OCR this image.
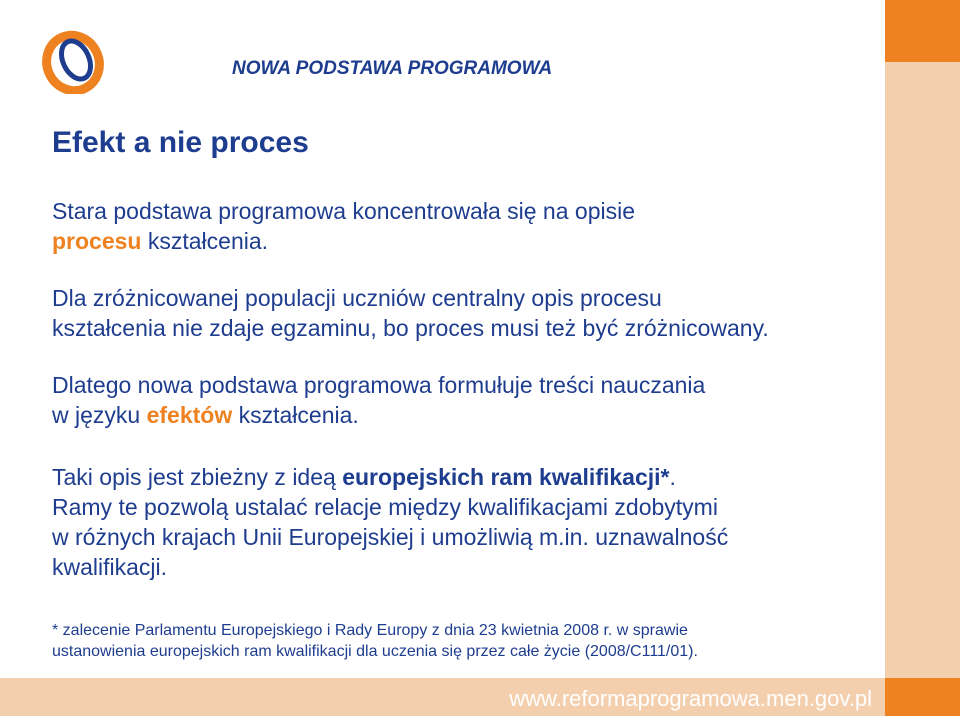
www.reformaprogramowa.men.gov.pl
NOWA PODSTAWA PROGRAMOWA
Efekt a nie proces

Stara podstawa programowa koncentrowała się na opisie
procesu kształcenia.

Dla zróżnicowanej populacji uczniów centralny opis procesu
kształcenia nie zdaje egzaminu, bo proces musi też być zróżnicowany.

Dlatego nowa podstawa programowa formułuje treści nauczania
w języku efektów kształcenia.

Taki opis jest zbieżny z ideą europejskich ram kwalifikacji*.
Ramy te pozwolą ustalać relacje między kwalifikacjami zdobytymi
w różnych krajach Unii Europejskiej i umożliwią m.in. uznawalność
kwalifikacji.

* zalecenie Parlamentu Europejskiego i Rady Europy z dnia 23 kwietnia 2008 r. w sprawie
ustanowienia europejskich ram kwalifikacji dla uczenia się przez całe życie (2008/C111/01).
